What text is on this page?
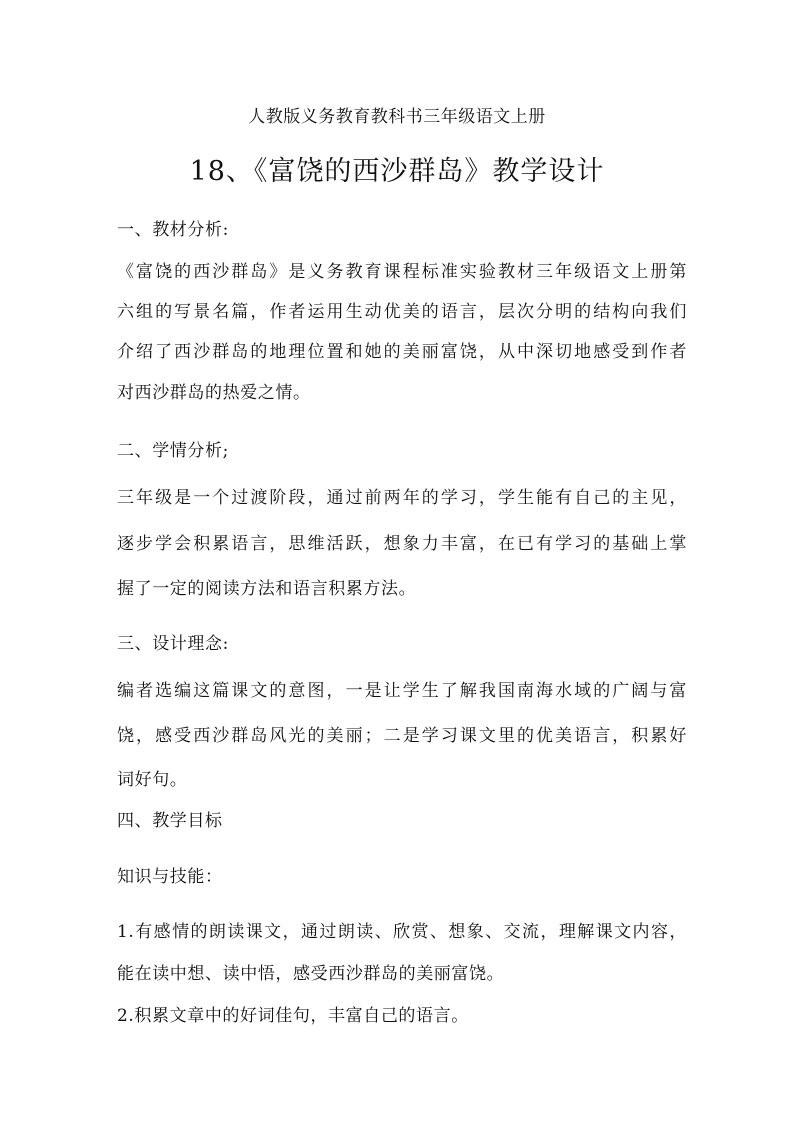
人教版义务教育教科书三年级语文上册
18、《富饶的西沙群岛》教学设计
一、教材分析:
《富饶的西沙群岛》是义务教育课程标准实验教材三年级语文上册第
六组的写景名篇，作者运用生动优美的语言，层次分明的结构向我们
介绍了西沙群岛的地理位置和她的美丽富饶，从中深切地感受到作者
对西沙群岛的热爱之情。
二、学情分析;
三年级是一个过渡阶段，通过前两年的学习，学生能有自己的主见，
逐步学会积累语言，思维活跃，想象力丰富，在已有学习的基础上掌
握了一定的阅读方法和语言积累方法。
三、设计理念:
编者选编这篇课文的意图，一是让学生了解我国南海水域的广阔与富
饶，感受西沙群岛风光的美丽；二是学习课文里的优美语言，积累好
词好句。
四、教学目标
知识与技能：
1.有感情的朗读课文，通过朗读、欣赏、想象、交流，理解课文内容，
能在读中想、读中悟，感受西沙群岛的美丽富饶。
2.积累文章中的好词佳句，丰富自己的语言。
